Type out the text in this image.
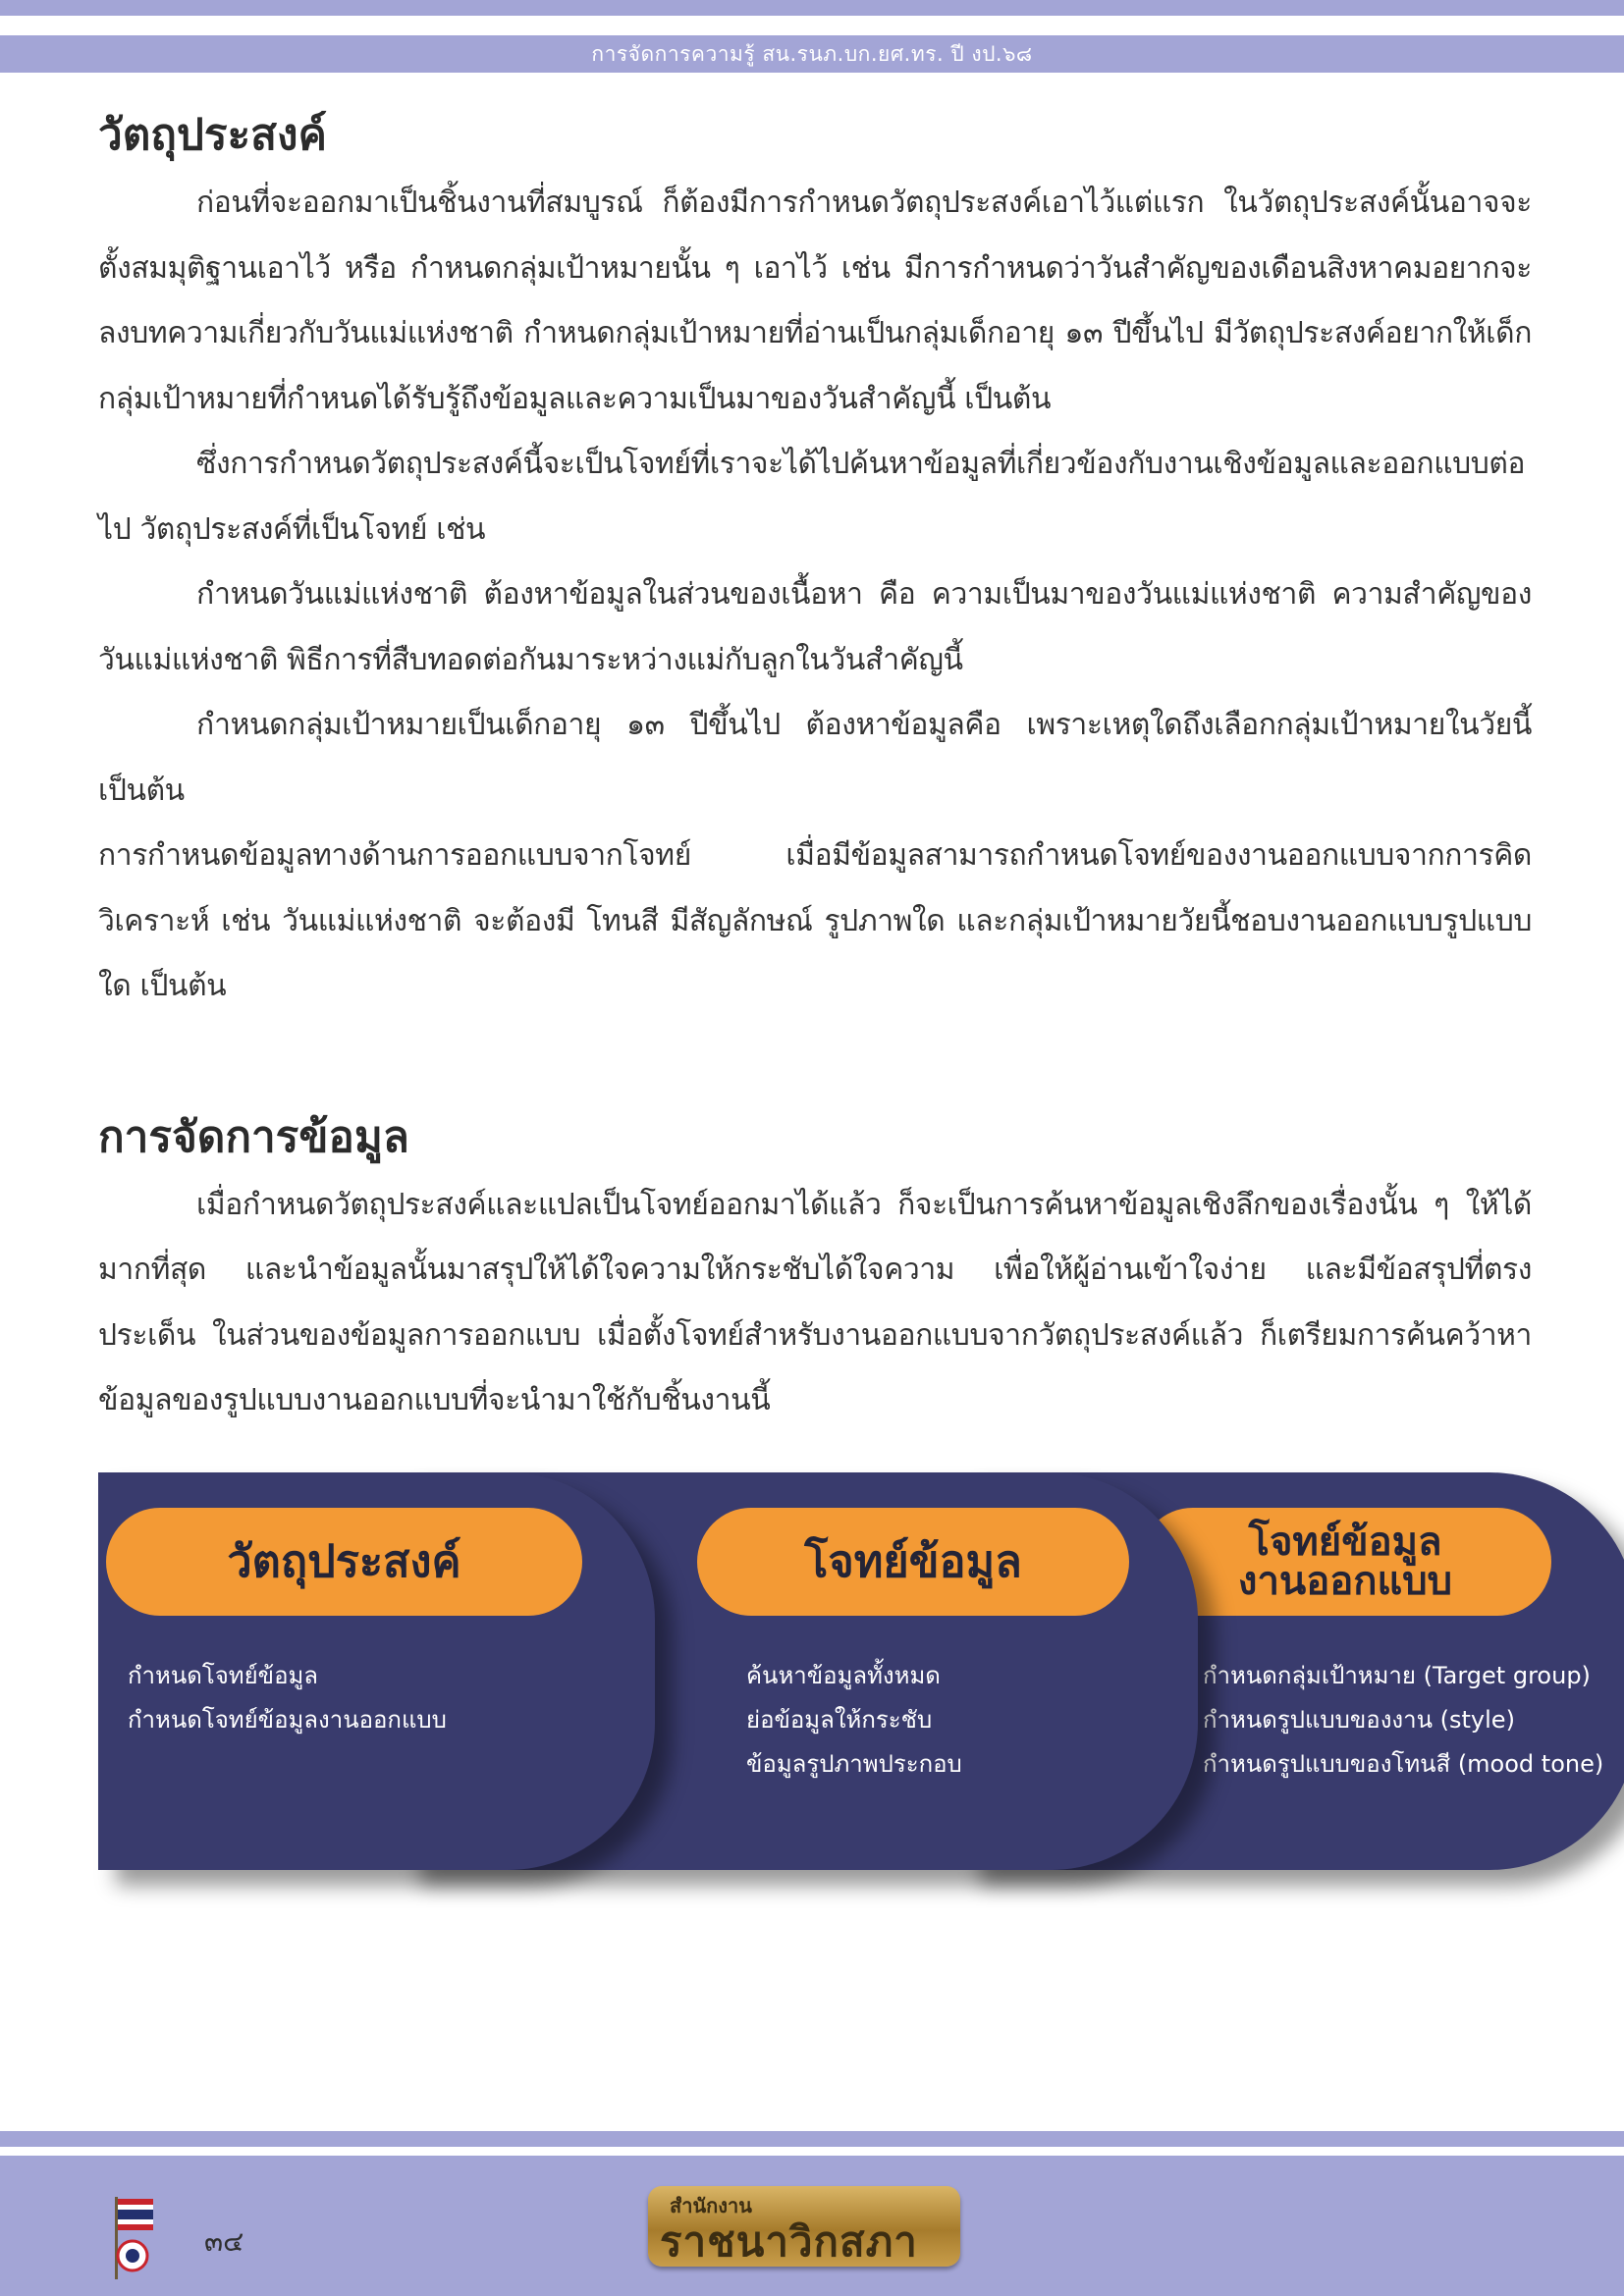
การจัดการความรู้ สน.รนภ.บก.ยศ.ทร. ปี งป.๖๘
วัตถุประสงค์

ก่อนที่จะออกมาเป็นชิ้นงานที่สมบูรณ์ ก็ต้องมีการกำหนดวัตถุประสงค์เอาไว้แต่แรก ในวัตถุประสงค์นั้นอาจจะตั้งสมมุติฐานเอาไว้ หรือ กำหนดกลุ่มเป้าหมายนั้น ๆ เอาไว้ เช่น มีการกำหนดว่าวันสำคัญของเดือนสิงหาคมอยากจะลงบทความเกี่ยวกับวันแม่แห่งชาติ กำหนดกลุ่มเป้าหมายที่อ่านเป็นกลุ่มเด็กอายุ ๑๓ ปีขึ้นไป มีวัตถุประสงค์อยากให้เด็กกลุ่มเป้าหมายที่กำหนดได้รับรู้ถึงข้อมูลและความเป็นมาของวันสำคัญนี้ เป็นต้น

ซึ่งการกำหนดวัตถุประสงค์นี้จะเป็นโจทย์ที่เราจะได้ไปค้นหาข้อมูลที่เกี่ยวข้องกับงานเชิงข้อมูลและออกแบบต่อไป วัตถุประสงค์ที่เป็นโจทย์ เช่น

กำหนดวันแม่แห่งชาติ ต้องหาข้อมูลในส่วนของเนื้อหา คือ ความเป็นมาของวันแม่แห่งชาติ ความสำคัญของวันแม่แห่งชาติ พิธีการที่สืบทอดต่อกันมาระหว่างแม่กับลูกในวันสำคัญนี้

กำหนดกลุ่มเป้าหมายเป็นเด็กอายุ ๑๓ ปีขึ้นไป ต้องหาข้อมูลคือ เพราะเหตุใดถึงเลือกกลุ่มเป้าหมายในวัยนี้ เป็นต้น

การกำหนดข้อมูลทางด้านการออกแบบจากโจทย์ เมื่อมีข้อมูลสามารถกำหนดโจทย์ของงานออกแบบจากการคิดวิเคราะห์ เช่น วันแม่แห่งชาติ จะต้องมี โทนสี มีสัญลักษณ์ รูปภาพใด และกลุ่มเป้าหมายวัยนี้ชอบงานออกแบบรูปแบบใด เป็นต้น

การจัดการข้อมูล

เมื่อกำหนดวัตถุประสงค์และแปลเป็นโจทย์ออกมาได้แล้ว ก็จะเป็นการค้นหาข้อมูลเชิงลึกของเรื่องนั้น ๆ ให้ได้มากที่สุด และนำข้อมูลนั้นมาสรุปให้ได้ใจความให้กระชับได้ใจความ เพื่อให้ผู้อ่านเข้าใจง่าย และมีข้อสรุปที่ตรงประเด็น ในส่วนของข้อมูลการออกแบบ เมื่อตั้งโจทย์สำหรับงานออกแบบจากวัตถุประสงค์แล้ว ก็เตรียมการค้นคว้าหาข้อมูลของรูปแบบงานออกแบบที่จะนำมาใช้กับชิ้นงานนี้

วัตถุประสงค์
กำหนดโจทย์ข้อมูล
กำหนดโจทย์ข้อมูลงานออกแบบ
โจทย์ข้อมูล
ค้นหาข้อมูลทั้งหมด
ย่อข้อมูลให้กระชับ
ข้อมูลรูปภาพประกอบ
โจทย์ข้อมูล
งานออกแบบ
กำหนดกลุ่มเป้าหมาย (Target group)
กำหนดรูปแบบของงาน (style)
กำหนดรูปแบบของโทนสี (mood tone)
๓๔
สำนักงาน
ราชนาวิกสภา
